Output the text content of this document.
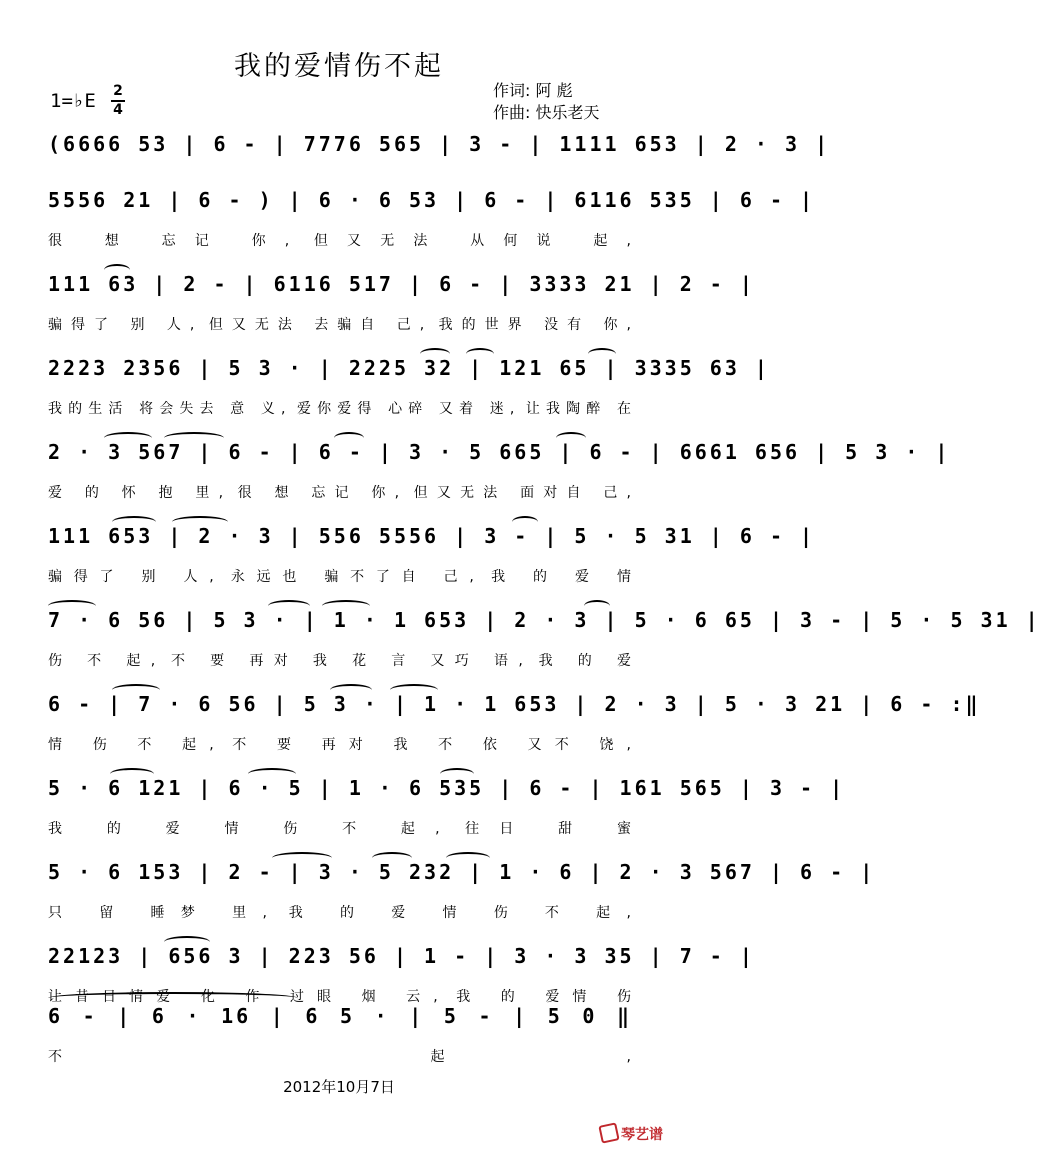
我的爱情伤不起
作词: 阿 彪
作曲: 快乐老天
1=♭E 2
4
(6666 53 | 6 - | 7776 565 | 3 - | 1111 653 | 2 · 3 |
5556 21 | 6 - ) | 6 · 6 53 | 6 - | 6116 535 | 6 - |
很 想 忘记 你, 但又无法 从何说 起,
111 63 | 2 - | 6116 517 | 6 - | 3333 21 | 2 - |
骗得了 别 人, 但又无法 去骗自 己, 我的世界 没有 你,
2223 2356 | 5 3 · | 2225 32 | 121 65 | 3335 63 |
我的生活 将会失去 意 义, 爱你爱得 心碎 又着 迷, 让我陶醉 在
2 · 3 567 | 6 - | 6 - | 3 · 5 665 | 6 - | 6661 656 | 5 3 · |
爱 的 怀 抱 里, 很 想 忘记 你, 但又无法 面对自 己,
111 653 | 2 · 3 | 556 5556 | 3 - | 5 · 5 31 | 6 - |
骗得了 别 人, 永远也 骗不了自 己, 我 的 爱 情
7 · 6 56 | 5 3 · | 1 · 1 653 | 2 · 3 | 5 · 6 65 | 3 - | 5 · 5 31 |
伤 不 起, 不 要 再对 我 花 言 又巧 语, 我 的 爱
6 - | 7 · 6 56 | 5 3 · | 1 · 1 653 | 2 · 3 | 5 · 3 21 | 6 - :‖
情 伤 不 起, 不 要 再对 我 不 依 又不 饶,
5 · 6 121 | 6 · 5 | 1 · 6 535 | 6 - | 161 565 | 3 - |
我 的 爱 情 伤 不 起, 往日 甜 蜜
5 · 6 153 | 2 - | 3 · 5 232 | 1 · 6 | 2 · 3 567 | 6 - |
只 留 睡梦 里, 我 的 爱 情 伤 不 起,
22123 | 656 3 | 223 56 | 1 - | 3 · 3 35 | 7 - |
让昔日情爱 化 作 过眼 烟 云, 我 的 爱情 伤
6 - | 6 · 16 | 6 5 · | 5 - | 5 0 ‖
不 起,
2012年10月7日
琴艺谱
